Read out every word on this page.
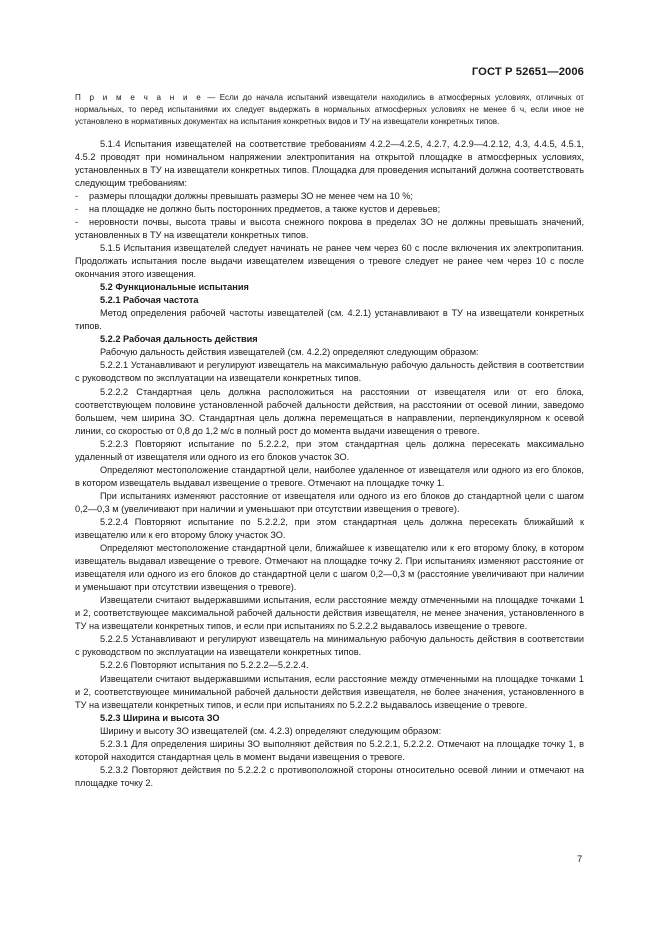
ГОСТ Р 52651—2006

П р и м е ч а н и е — Если до начала испытаний извещатели находились в атмосферных условиях, отличных от нормальных, то перед испытаниями их следует выдержать в нормальных атмосферных условиях не менее 6 ч, если иное не установлено в нормативных документах на испытания конкретных видов и ТУ на извещатели конкретных типов.

5.1.4 Испытания извещателей на соответствие требованиям 4.2.2—4.2.5, 4.2.7, 4.2.9—4.2.12, 4.3, 4.4.5, 4.5.1, 4.5.2 проводят при номинальном напряжении электропитания на открытой площадке в атмосферных условиях, установленных в ТУ на извещатели конкретных типов. Площадка для проведения испытаний должна соответствовать следующим требованиям:

- размеры площадки должны превышать размеры ЗО не менее чем на 10 %;

- на площадке не должно быть посторонних предметов, а также кустов и деревьев;

- неровности почвы, высота травы и высота снежного покрова в пределах ЗО не должны превышать значений, установленных в ТУ на извещатели конкретных типов.

5.1.5 Испытания извещателей следует начинать не ранее чем через 60 с после включения их электропитания. Продолжать испытания после выдачи извещателем извещения о тревоге следует не ранее чем через 10 с после окончания этого извещения.

5.2 Функциональные испытания

5.2.1 Рабочая частота

Метод определения рабочей частоты извещателей (см. 4.2.1) устанавливают в ТУ на извещатели конкретных типов.

5.2.2 Рабочая дальность действия

Рабочую дальность действия извещателей (см. 4.2.2) определяют следующим образом:

5.2.2.1 Устанавливают и регулируют извещатель на максимальную рабочую дальность действия в соответствии с руководством по эксплуатации на извещатели конкретных типов.

5.2.2.2 Стандартная цель должна расположиться на расстоянии от извещателя или от его блока, соответствующем половине установленной рабочей дальности действия, на расстоянии от осевой линии, заведомо большем, чем ширина ЗО. Стандартная цель должна перемещаться в направлении, перпендикулярном к осевой линии, со скоростью от 0,8 до 1,2 м/с в полный рост до момента выдачи извещения о тревоге.

5.2.2.3 Повторяют испытание по 5.2.2.2, при этом стандартная цель должна пересекать максимально удаленный от извещателя или одного из его блоков участок ЗО.

Определяют местоположение стандартной цели, наиболее удаленное от извещателя или одного из его блоков, в котором извещатель выдавал извещение о тревоге. Отмечают на площадке точку 1.

При испытаниях изменяют расстояние от извещателя или одного из его блоков до стандартной цели с шагом 0,2—0,3 м (увеличивают при наличии и уменьшают при отсутствии извещения о тревоге).

5.2.2.4 Повторяют испытание по 5.2.2.2, при этом стандартная цель должна пересекать ближайший к извещателю или к его второму блоку участок ЗО.

Определяют местоположение стандартной цели, ближайшее к извещателю или к его второму блоку, в котором извещатель выдавал извещение о тревоге. Отмечают на площадке точку 2. При испытаниях изменяют расстояние от извещателя или одного из его блоков до стандартной цели с шагом 0,2—0,3 м (расстояние увеличивают при наличии и уменьшают при отсутствии извещения о тревоге).

Извещатели считают выдержавшими испытания, если расстояние между отмеченными на площадке точками 1 и 2, соответствующее максимальной рабочей дальности действия извещателя, не менее значения, установленного в ТУ на извещатели конкретных типов, и если при испытаниях по 5.2.2.2 выдавалось извещение о тревоге.

5.2.2.5 Устанавливают и регулируют извещатель на минимальную рабочую дальность действия в соответствии с руководством по эксплуатации на извещатели конкретных типов.

5.2.2.6 Повторяют испытания по 5.2.2.2—5.2.2.4.

Извещатели считают выдержавшими испытания, если расстояние между отмеченными на площадке точками 1 и 2, соответствующее минимальной рабочей дальности действия извещателя, не более значения, установленного в ТУ на извещатели конкретных типов, и если при испытаниях по 5.2.2.2 выдавалось извещение о тревоге.

5.2.3 Ширина и высота ЗО

Ширину и высоту ЗО извещателей (см. 4.2.3) определяют следующим образом:

5.2.3.1 Для определения ширины ЗО выполняют действия по 5.2.2.1, 5.2.2.2. Отмечают на площадке точку 1, в которой находится стандартная цель в момент выдачи извещения о тревоге.

5.2.3.2 Повторяют действия по 5.2.2.2 с противоположной стороны относительно осевой линии и отмечают на площадке точку 2.

7
